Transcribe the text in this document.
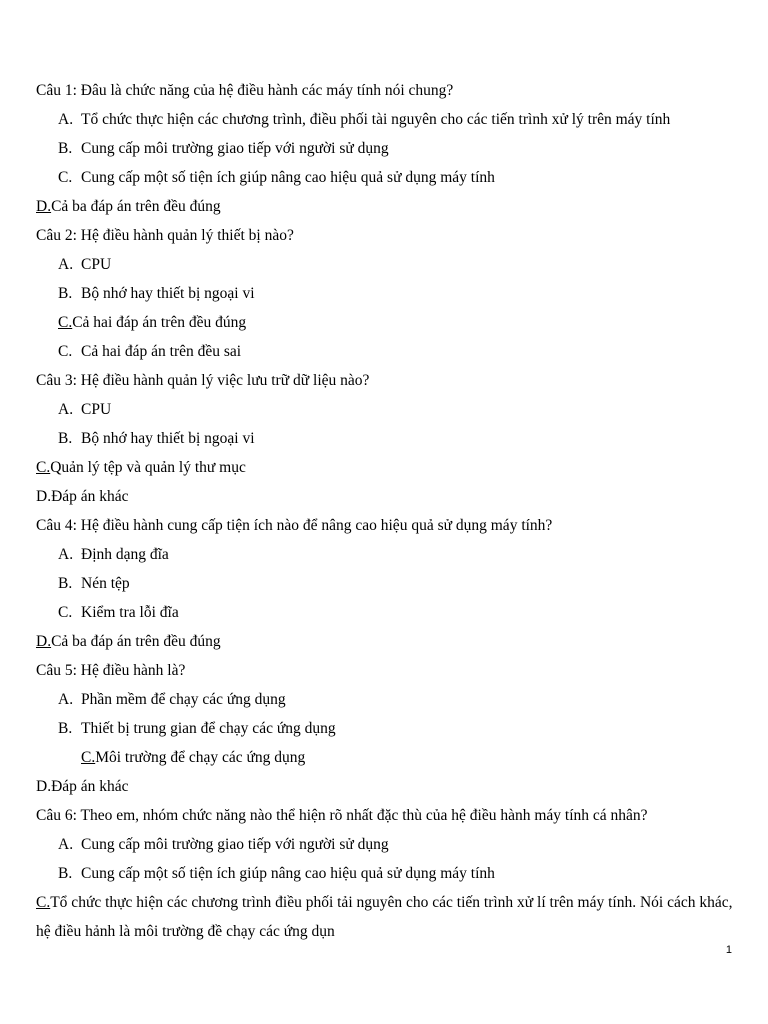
Câu 1: Đâu là chức năng của hệ điều hành các máy tính nói chung?
A. Tổ chức thực hiện các chương trình, điều phối tài nguyên cho các tiến trình xử lý trên máy tính
B. Cung cấp môi trường giao tiếp với người sử dụng
C. Cung cấp một số tiện ích giúp nâng cao hiệu quả sử dụng máy tính
D.Cả ba đáp án trên đều đúng
Câu 2: Hệ điều hành quản lý thiết bị nào?
A. CPU
B. Bộ nhớ hay thiết bị ngoại vi
C.Cả hai đáp án trên đều đúng
C. Cả hai đáp án trên đều sai
Câu 3: Hệ điều hành quản lý việc lưu trữ dữ liệu nào?
A. CPU
B. Bộ nhớ hay thiết bị ngoại vi
C.Quản lý tệp và quản lý thư mục
D.Đáp án khác
Câu 4: Hệ điều hành cung cấp tiện ích nào để nâng cao hiệu quả sử dụng máy tính?
A. Định dạng đĩa
B. Nén tệp
C. Kiểm tra lỗi đĩa
D.Cả ba đáp án trên đều đúng
Câu 5: Hệ điều hành là?
A. Phần mềm để chạy các ứng dụng
B. Thiết bị trung gian để chạy các ứng dụng
C.Môi trường để chạy các ứng dụng
D.Đáp án khác
Câu 6: Theo em, nhóm chức năng nào thể hiện rõ nhất đặc thù của hệ điều hành máy tính cá nhân?
A. Cung cấp môi trường giao tiếp với người sử dụng
B. Cung cấp một số tiện ích giúp nâng cao hiệu quả sử dụng máy tính
C.Tổ chức thực hiện các chương trình điều phối tải nguyên cho các tiến trình xử lí trên máy tính. Nói cách khác, hệ điều hảnh là môi trường đề chạy các ứng dụn
1
